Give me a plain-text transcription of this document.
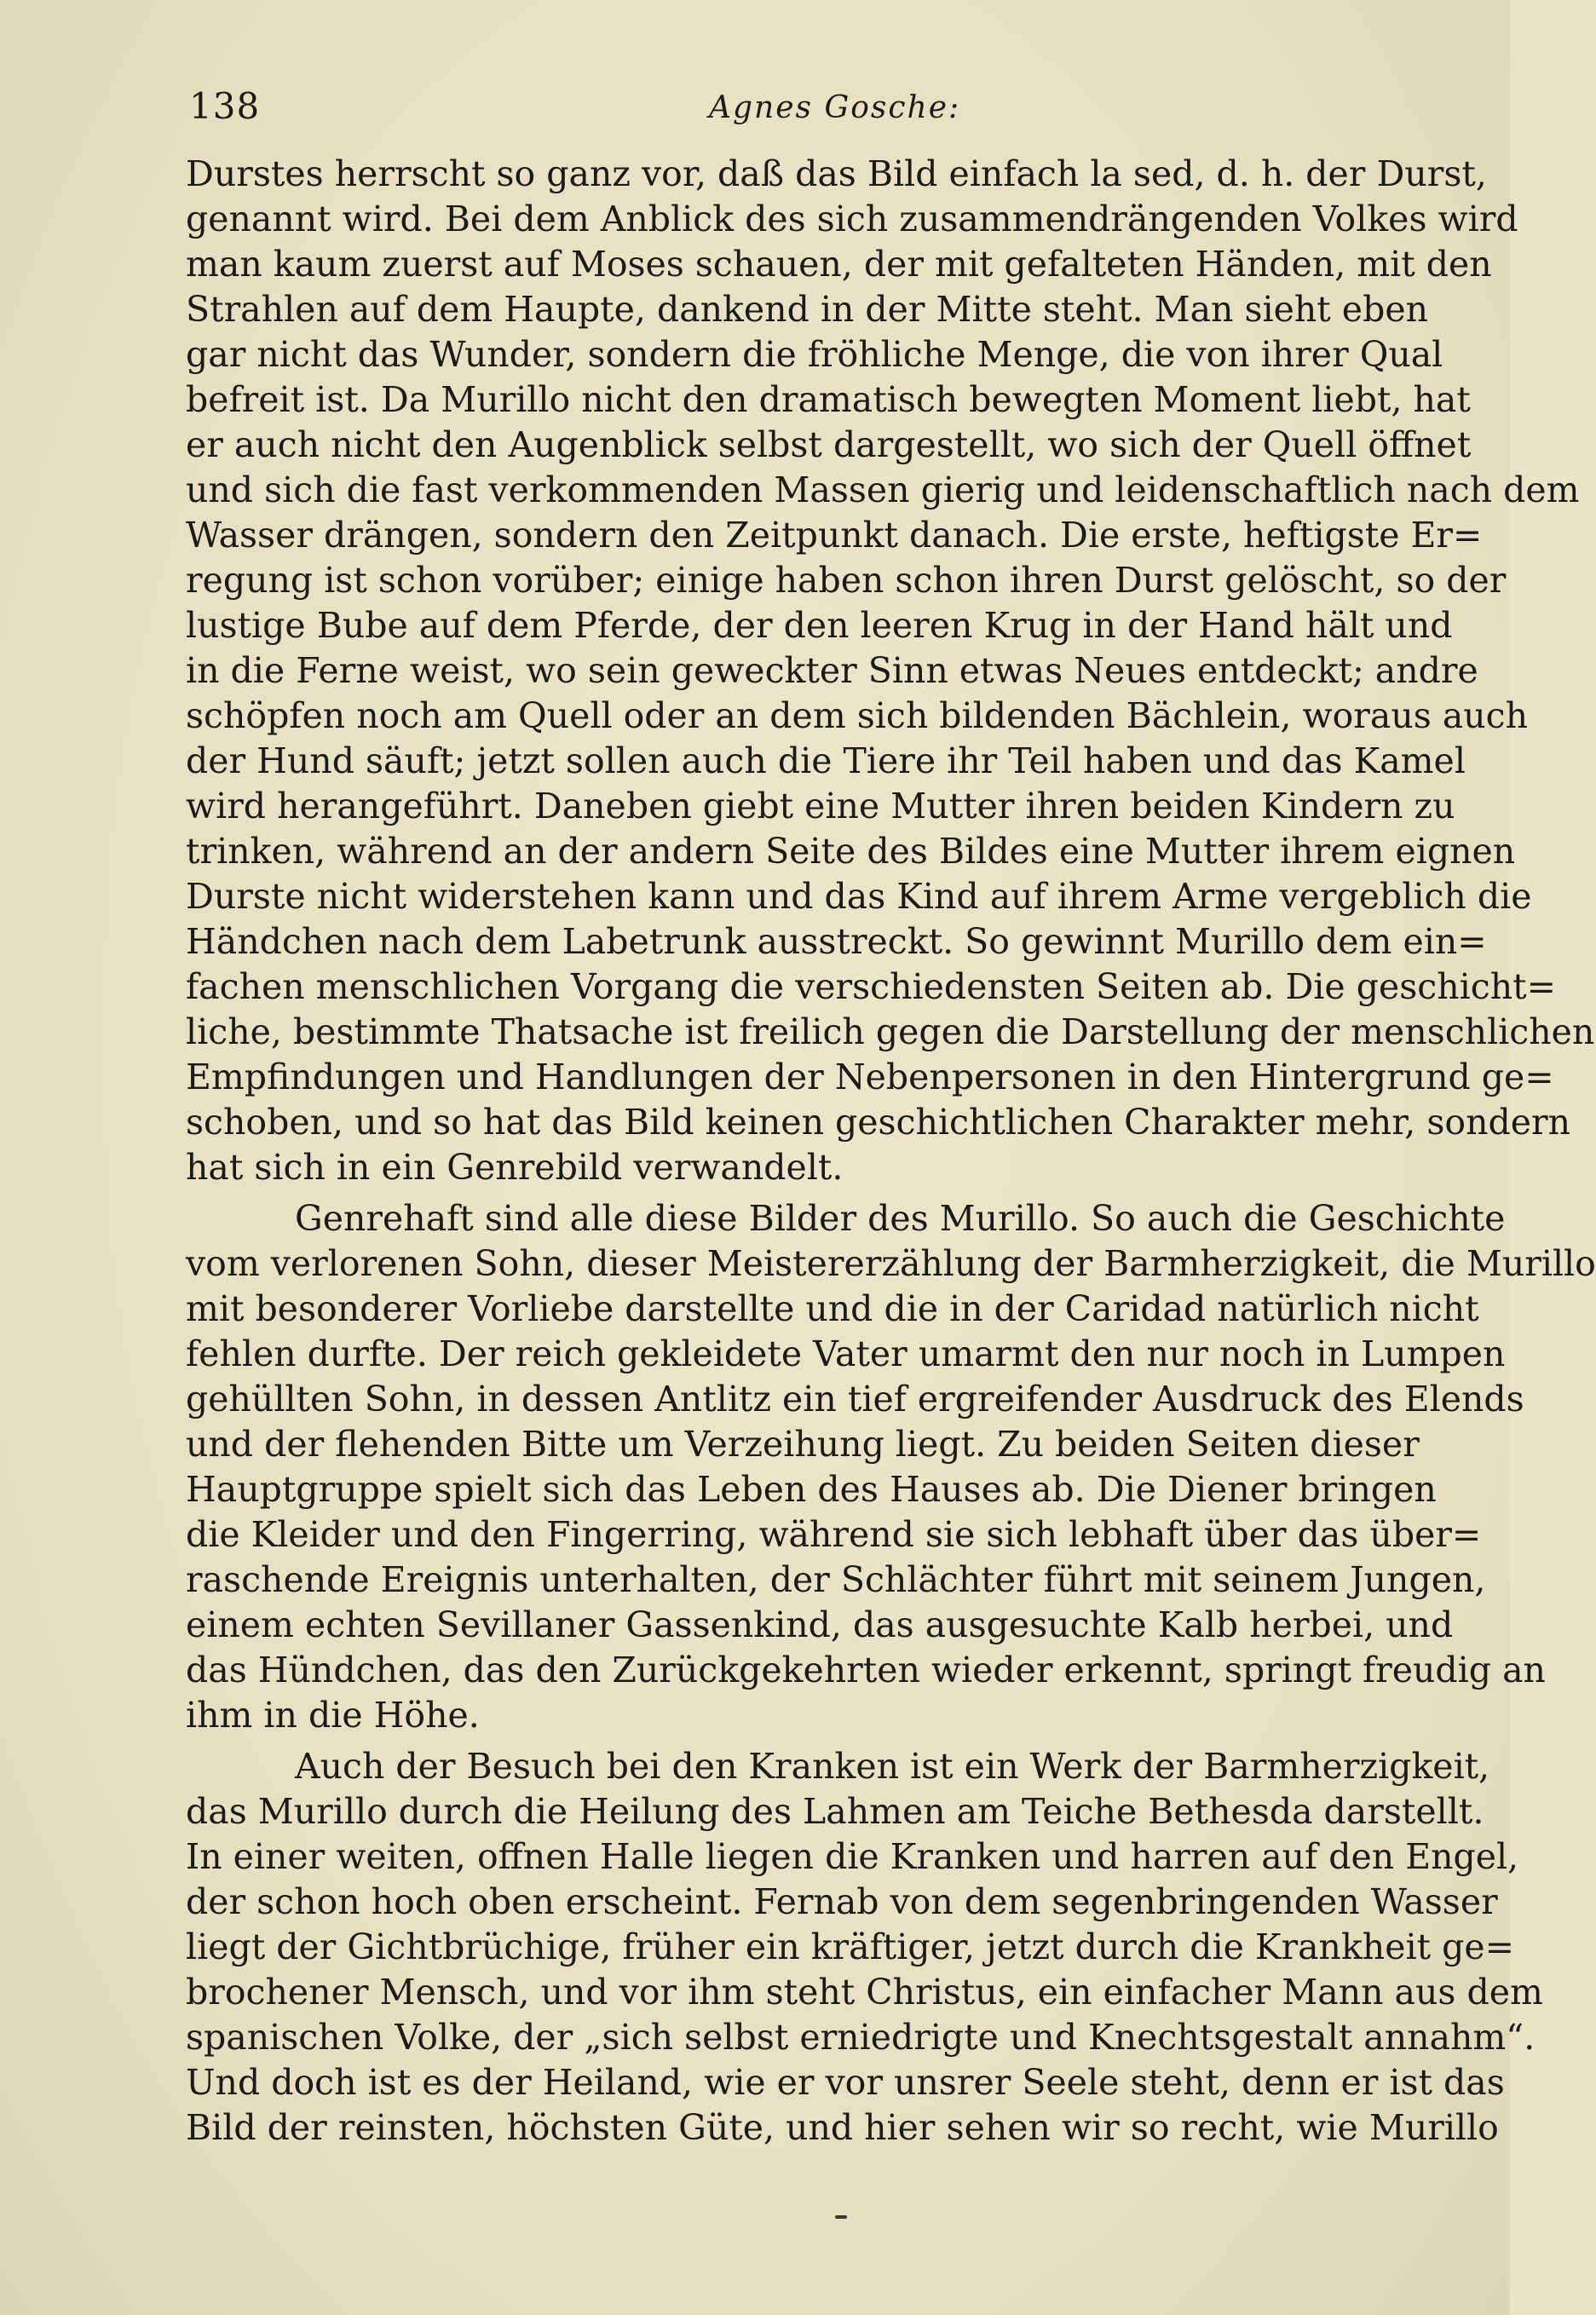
138	Agnes Gosche:
Durstes herrscht so ganz vor, daß das Bild einfach la sed, d. h. der Durst,
genannt wird. Bei dem Anblick des sich zusammendrängenden Volkes wird
man kaum zuerst auf Moses schauen, der mit gefalteten Händen, mit den
Strahlen auf dem Haupte, dankend in der Mitte steht. Man sieht eben
gar nicht das Wunder, sondern die fröhliche Menge, die von ihrer Qual
befreit ist. Da Murillo nicht den dramatisch bewegten Moment liebt, hat
er auch nicht den Augenblick selbst dargestellt, wo sich der Quell öffnet
und sich die fast verkommenden Massen gierig und leidenschaftlich nach dem
Wasser drängen, sondern den Zeitpunkt danach. Die erste, heftigste Er=
regung ist schon vorüber; einige haben schon ihren Durst gelöscht, so der
lustige Bube auf dem Pferde, der den leeren Krug in der Hand hält und
in die Ferne weist, wo sein geweckter Sinn etwas Neues entdeckt; andre
schöpfen noch am Quell oder an dem sich bildenden Bächlein, woraus auch
der Hund säuft; jetzt sollen auch die Tiere ihr Teil haben und das Kamel
wird herangeführt. Daneben giebt eine Mutter ihren beiden Kindern zu
trinken, während an der andern Seite des Bildes eine Mutter ihrem eignen
Durste nicht widerstehen kann und das Kind auf ihrem Arme vergeblich die
Händchen nach dem Labetrunk ausstreckt. So gewinnt Murillo dem ein=
fachen menschlichen Vorgang die verschiedensten Seiten ab. Die geschicht=
liche, bestimmte Thatsache ist freilich gegen die Darstellung der menschlichen
Empfindungen und Handlungen der Nebenpersonen in den Hintergrund ge=
schoben, und so hat das Bild keinen geschichtlichen Charakter mehr, sondern
hat sich in ein Genrebild verwandelt.
Genrehaft sind alle diese Bilder des Murillo. So auch die Geschichte
vom verlorenen Sohn, dieser Meistererzählung der Barmherzigkeit, die Murillo
mit besonderer Vorliebe darstellte und die in der Caridad natürlich nicht
fehlen durfte. Der reich gekleidete Vater umarmt den nur noch in Lumpen
gehüllten Sohn, in dessen Antlitz ein tief ergreifender Ausdruck des Elends
und der flehenden Bitte um Verzeihung liegt. Zu beiden Seiten dieser
Hauptgruppe spielt sich das Leben des Hauses ab. Die Diener bringen
die Kleider und den Fingerring, während sie sich lebhaft über das über=
raschende Ereignis unterhalten, der Schlächter führt mit seinem Jungen,
einem echten Sevillaner Gassenkind, das ausgesuchte Kalb herbei, und
das Hündchen, das den Zurückgekehrten wieder erkennt, springt freudig an
ihm in die Höhe.
Auch der Besuch bei den Kranken ist ein Werk der Barmherzigkeit,
das Murillo durch die Heilung des Lahmen am Teiche Bethesda darstellt.
In einer weiten, offnen Halle liegen die Kranken und harren auf den Engel,
der schon hoch oben erscheint. Fernab von dem segenbringenden Wasser
liegt der Gichtbrüchige, früher ein kräftiger, jetzt durch die Krankheit ge=
brochener Mensch, und vor ihm steht Christus, ein einfacher Mann aus dem
spanischen Volke, der „sich selbst erniedrigte und Knechtsgestalt annahm“.
Und doch ist es der Heiland, wie er vor unsrer Seele steht, denn er ist das
Bild der reinsten, höchsten Güte, und hier sehen wir so recht, wie Murillo
